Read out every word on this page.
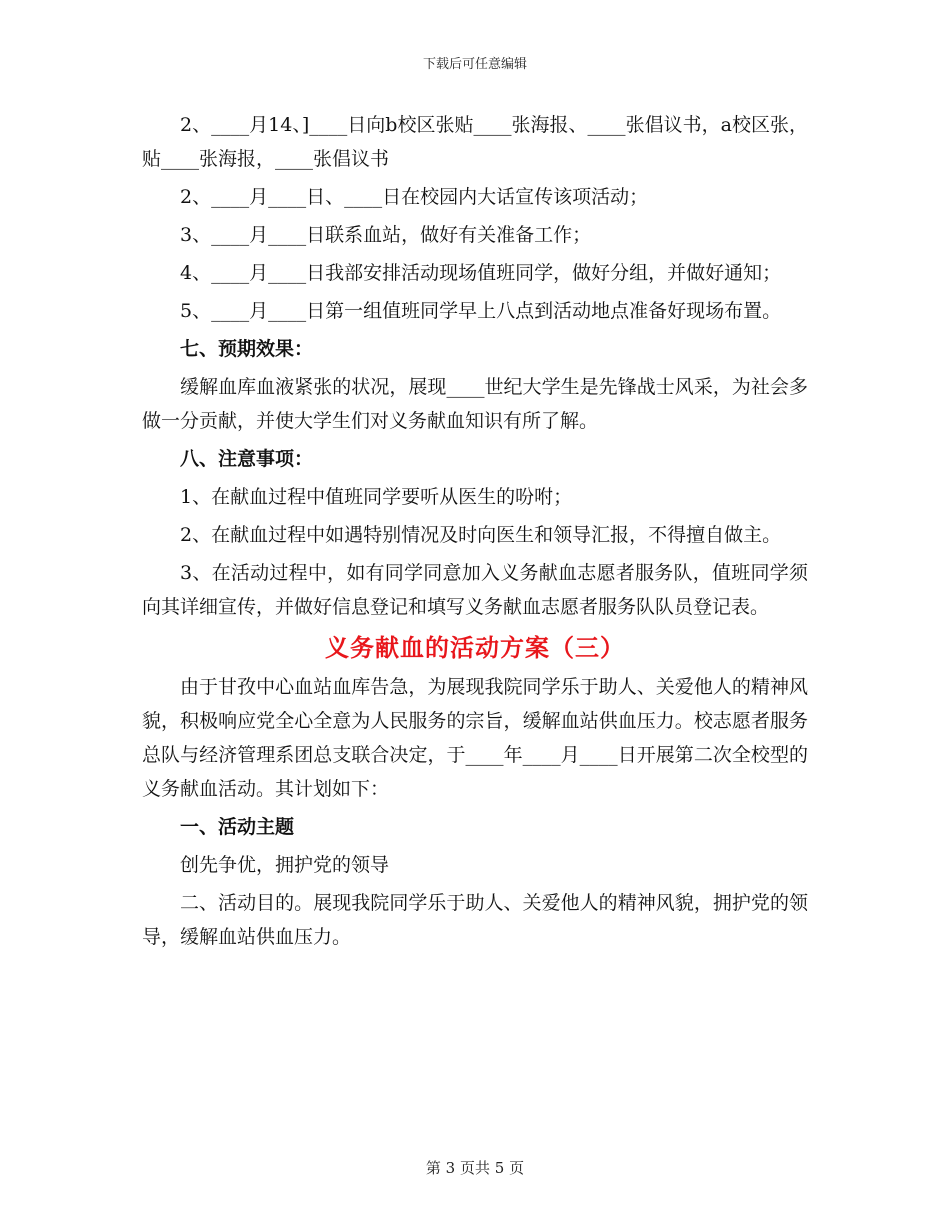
下载后可任意编辑

2、____月14、]____日向b校区张贴____张海报、____张倡议书，a校区张，贴____张海报，____张倡议书

2、____月____日、____日在校园内大话宣传该项活动；

3、____月____日联系血站，做好有关准备工作；

4、____月____日我部安排活动现场值班同学，做好分组，并做好通知；

5、____月____日第一组值班同学早上八点到活动地点准备好现场布置。

七、预期效果：

缓解血库血液紧张的状况，展现____世纪大学生是先锋战士风采，为社会多做一分贡献，并使大学生们对义务献血知识有所了解。

八、注意事项：

1、在献血过程中值班同学要听从医生的吩咐；

2、在献血过程中如遇特别情况及时向医生和领导汇报，不得擅自做主。

3、在活动过程中，如有同学同意加入义务献血志愿者服务队，值班同学须向其详细宣传，并做好信息登记和填写义务献血志愿者服务队队员登记表。

义务献血的活动方案（三）

由于甘孜中心血站血库告急，为展现我院同学乐于助人、关爱他人的精神风貌，积极响应党全心全意为人民服务的宗旨，缓解血站供血压力。校志愿者服务总队与经济管理系团总支联合决定，于____年____月____日开展第二次全校型的义务献血活动。其计划如下：

一、活动主题

创先争优，拥护党的领导

二、活动目的。展现我院同学乐于助人、关爱他人的精神风貌，拥护党的领导，缓解血站供血压力。

第 3 页共 5 页
